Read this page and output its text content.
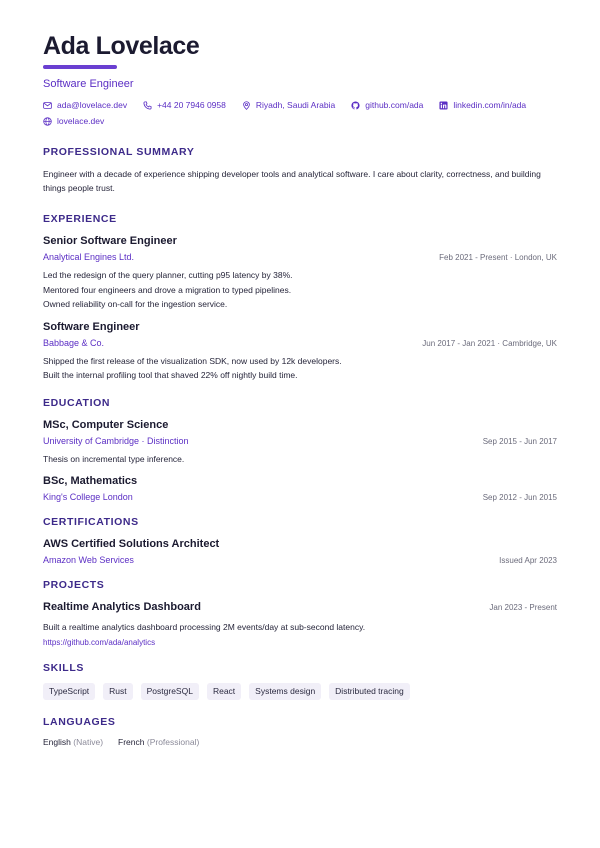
Ada Lovelace
Software Engineer
ada@lovelace.dev	+44 20 7946 0958	Riyadh, Saudi Arabia	github.com/ada	linkedin.com/in/ada
lovelace.dev
PROFESSIONAL SUMMARY
Engineer with a decade of experience shipping developer tools and analytical software. I care about clarity, correctness, and building things people trust.
EXPERIENCE
Senior Software Engineer
Analytical Engines Ltd.	Feb 2021 - Present · London, UK
Led the redesign of the query planner, cutting p95 latency by 38%.
Mentored four engineers and drove a migration to typed pipelines.
Owned reliability on-call for the ingestion service.
Software Engineer
Babbage & Co.	Jun 2017 - Jan 2021 · Cambridge, UK
Shipped the first release of the visualization SDK, now used by 12k developers.
Built the internal profiling tool that shaved 22% off nightly build time.
EDUCATION
MSc, Computer Science
University of Cambridge · Distinction	Sep 2015 - Jun 2017
Thesis on incremental type inference.
BSc, Mathematics
King's College London	Sep 2012 - Jun 2015
CERTIFICATIONS
AWS Certified Solutions Architect
Amazon Web Services	Issued Apr 2023
PROJECTS
Realtime Analytics Dashboard	Jan 2023 - Present
Built a realtime analytics dashboard processing 2M events/day at sub-second latency.
https://github.com/ada/analytics
SKILLS
TypeScript	Rust	PostgreSQL	React	Systems design	Distributed tracing
LANGUAGES
English (Native) French (Professional)
